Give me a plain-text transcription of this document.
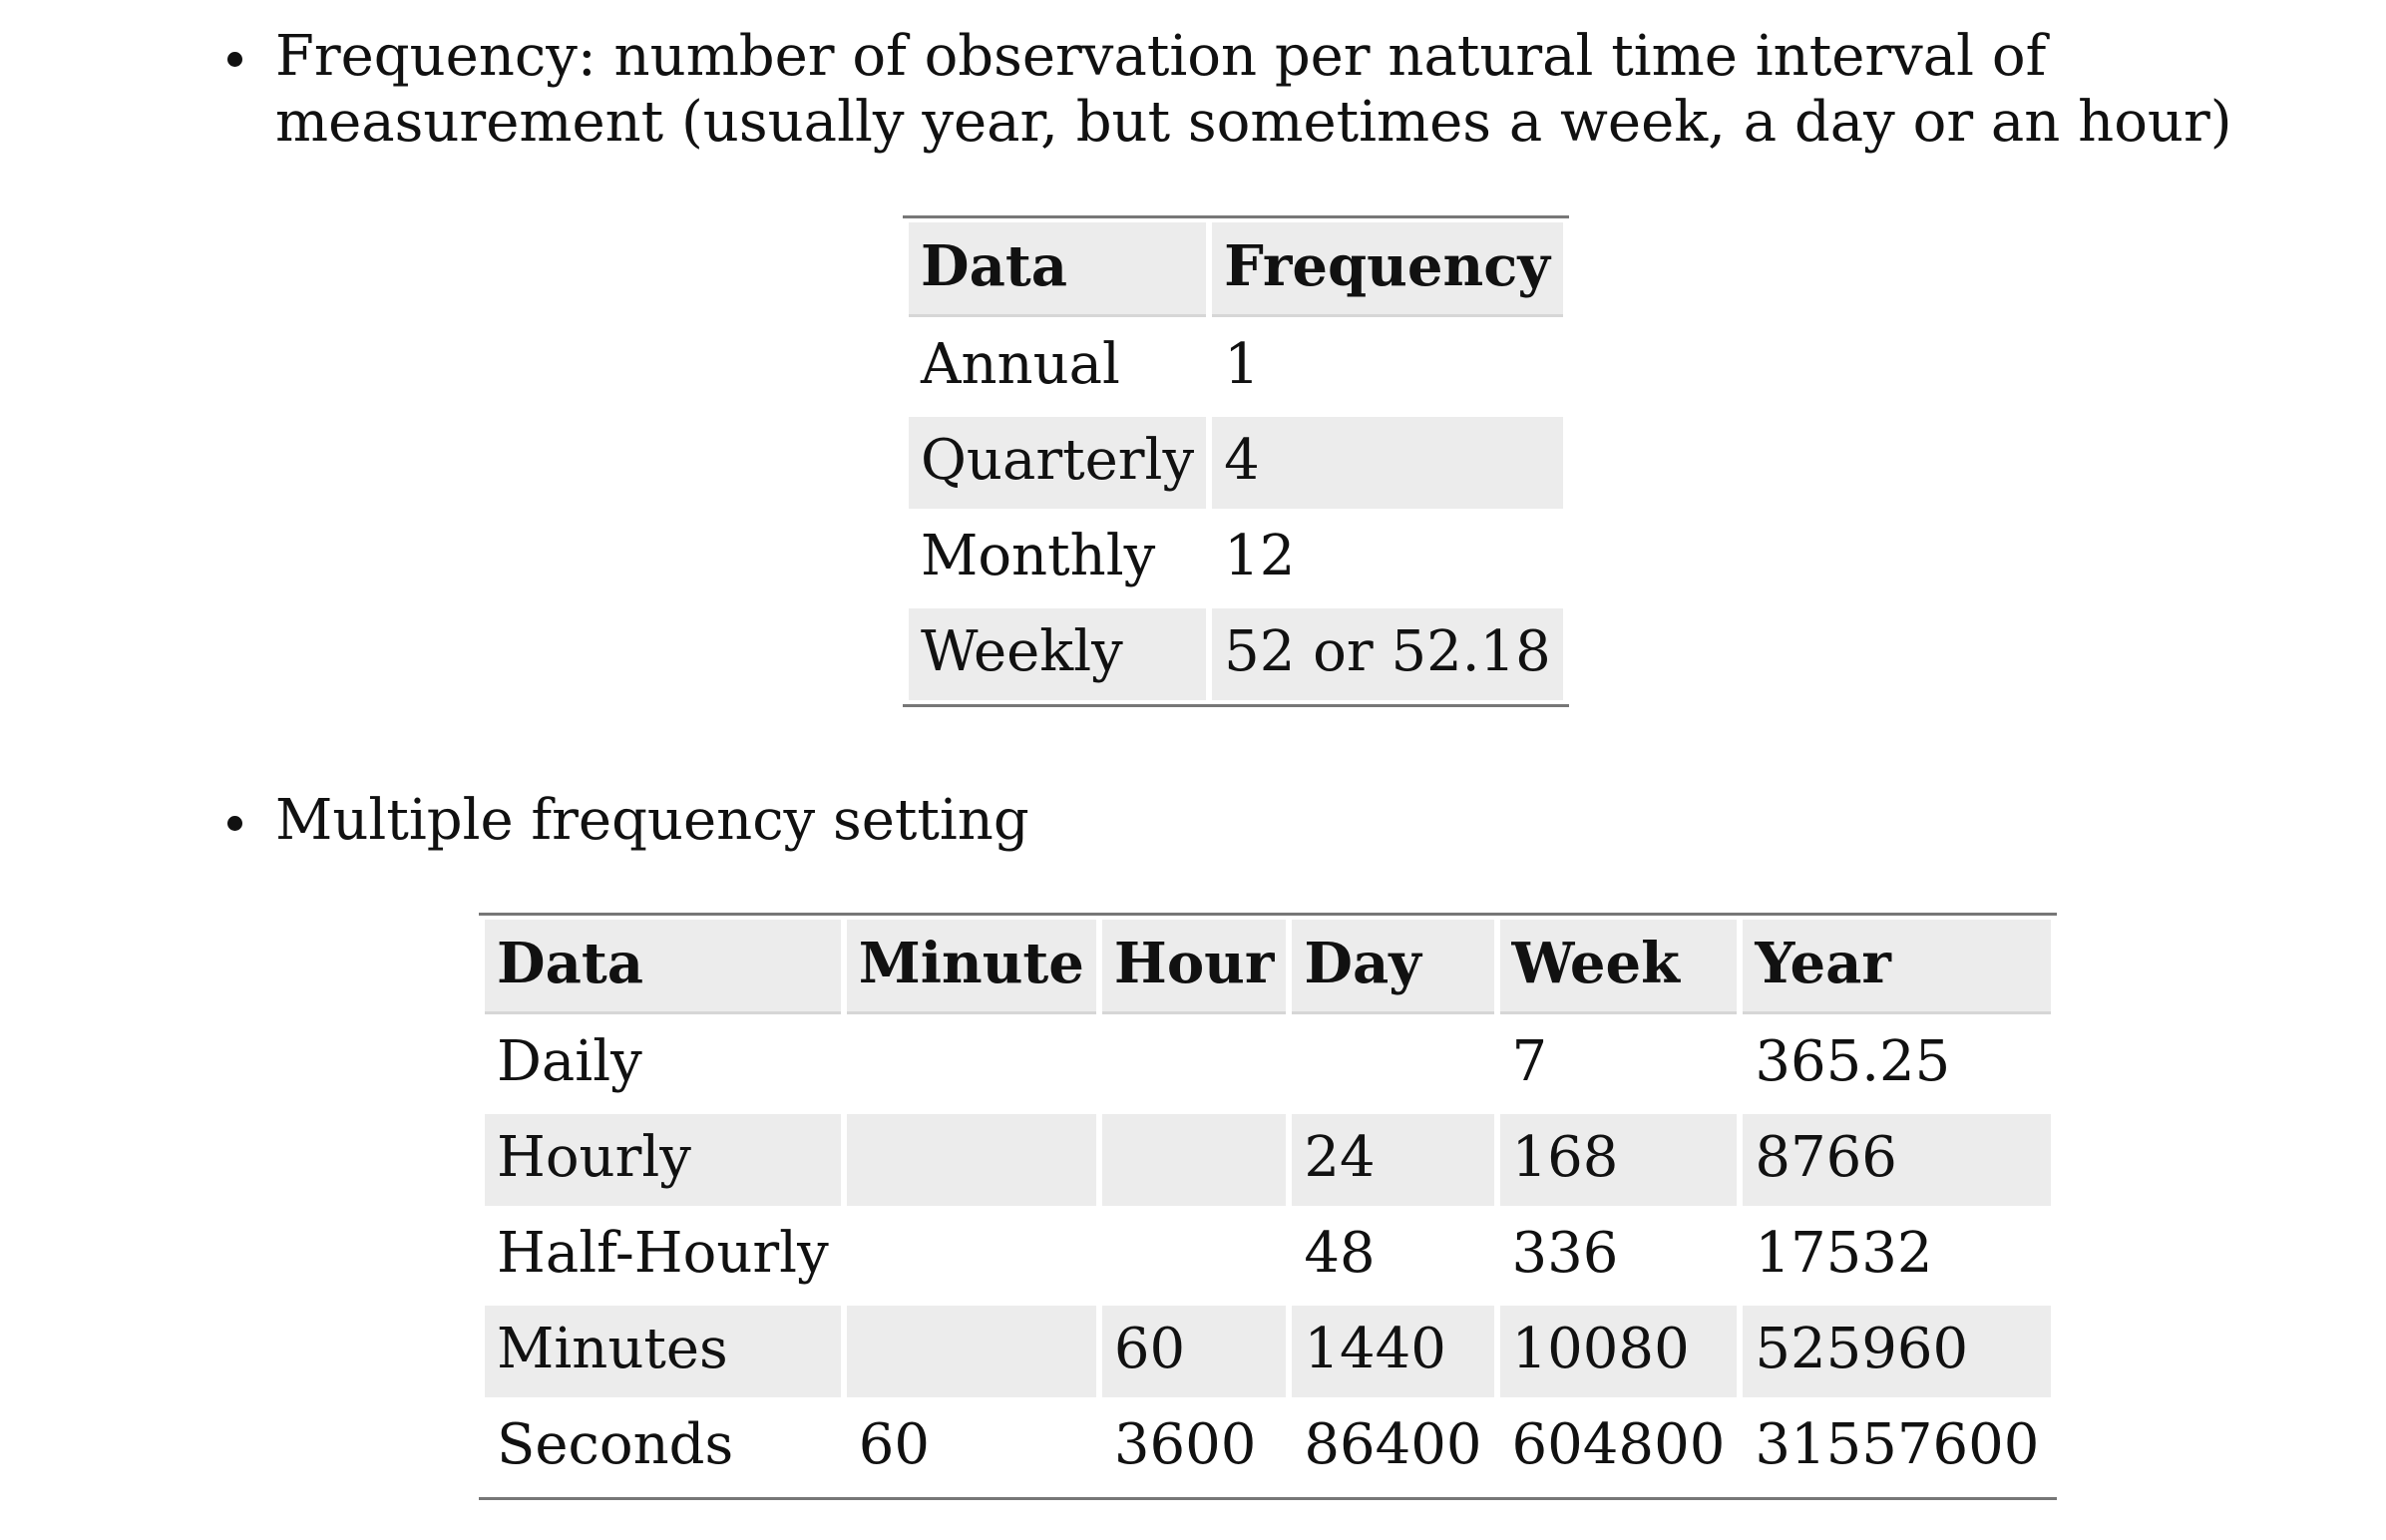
Frequency: number of observation per natural time interval of
measurement (usually year, but sometimes a week, a day or an hour)
Data	Frequency
Annual	1
Quarterly	4
Monthly	12
Weekly	52 or 52.18
Multiple frequency setting
Data	Minute	Hour	Day	Week	Year
Daily				7	365.25
Hourly			24	168	8766
Half-Hourly			48	336	17532
Minutes		60	1440	10080	525960
Seconds	60	3600	86400	604800	31557600
